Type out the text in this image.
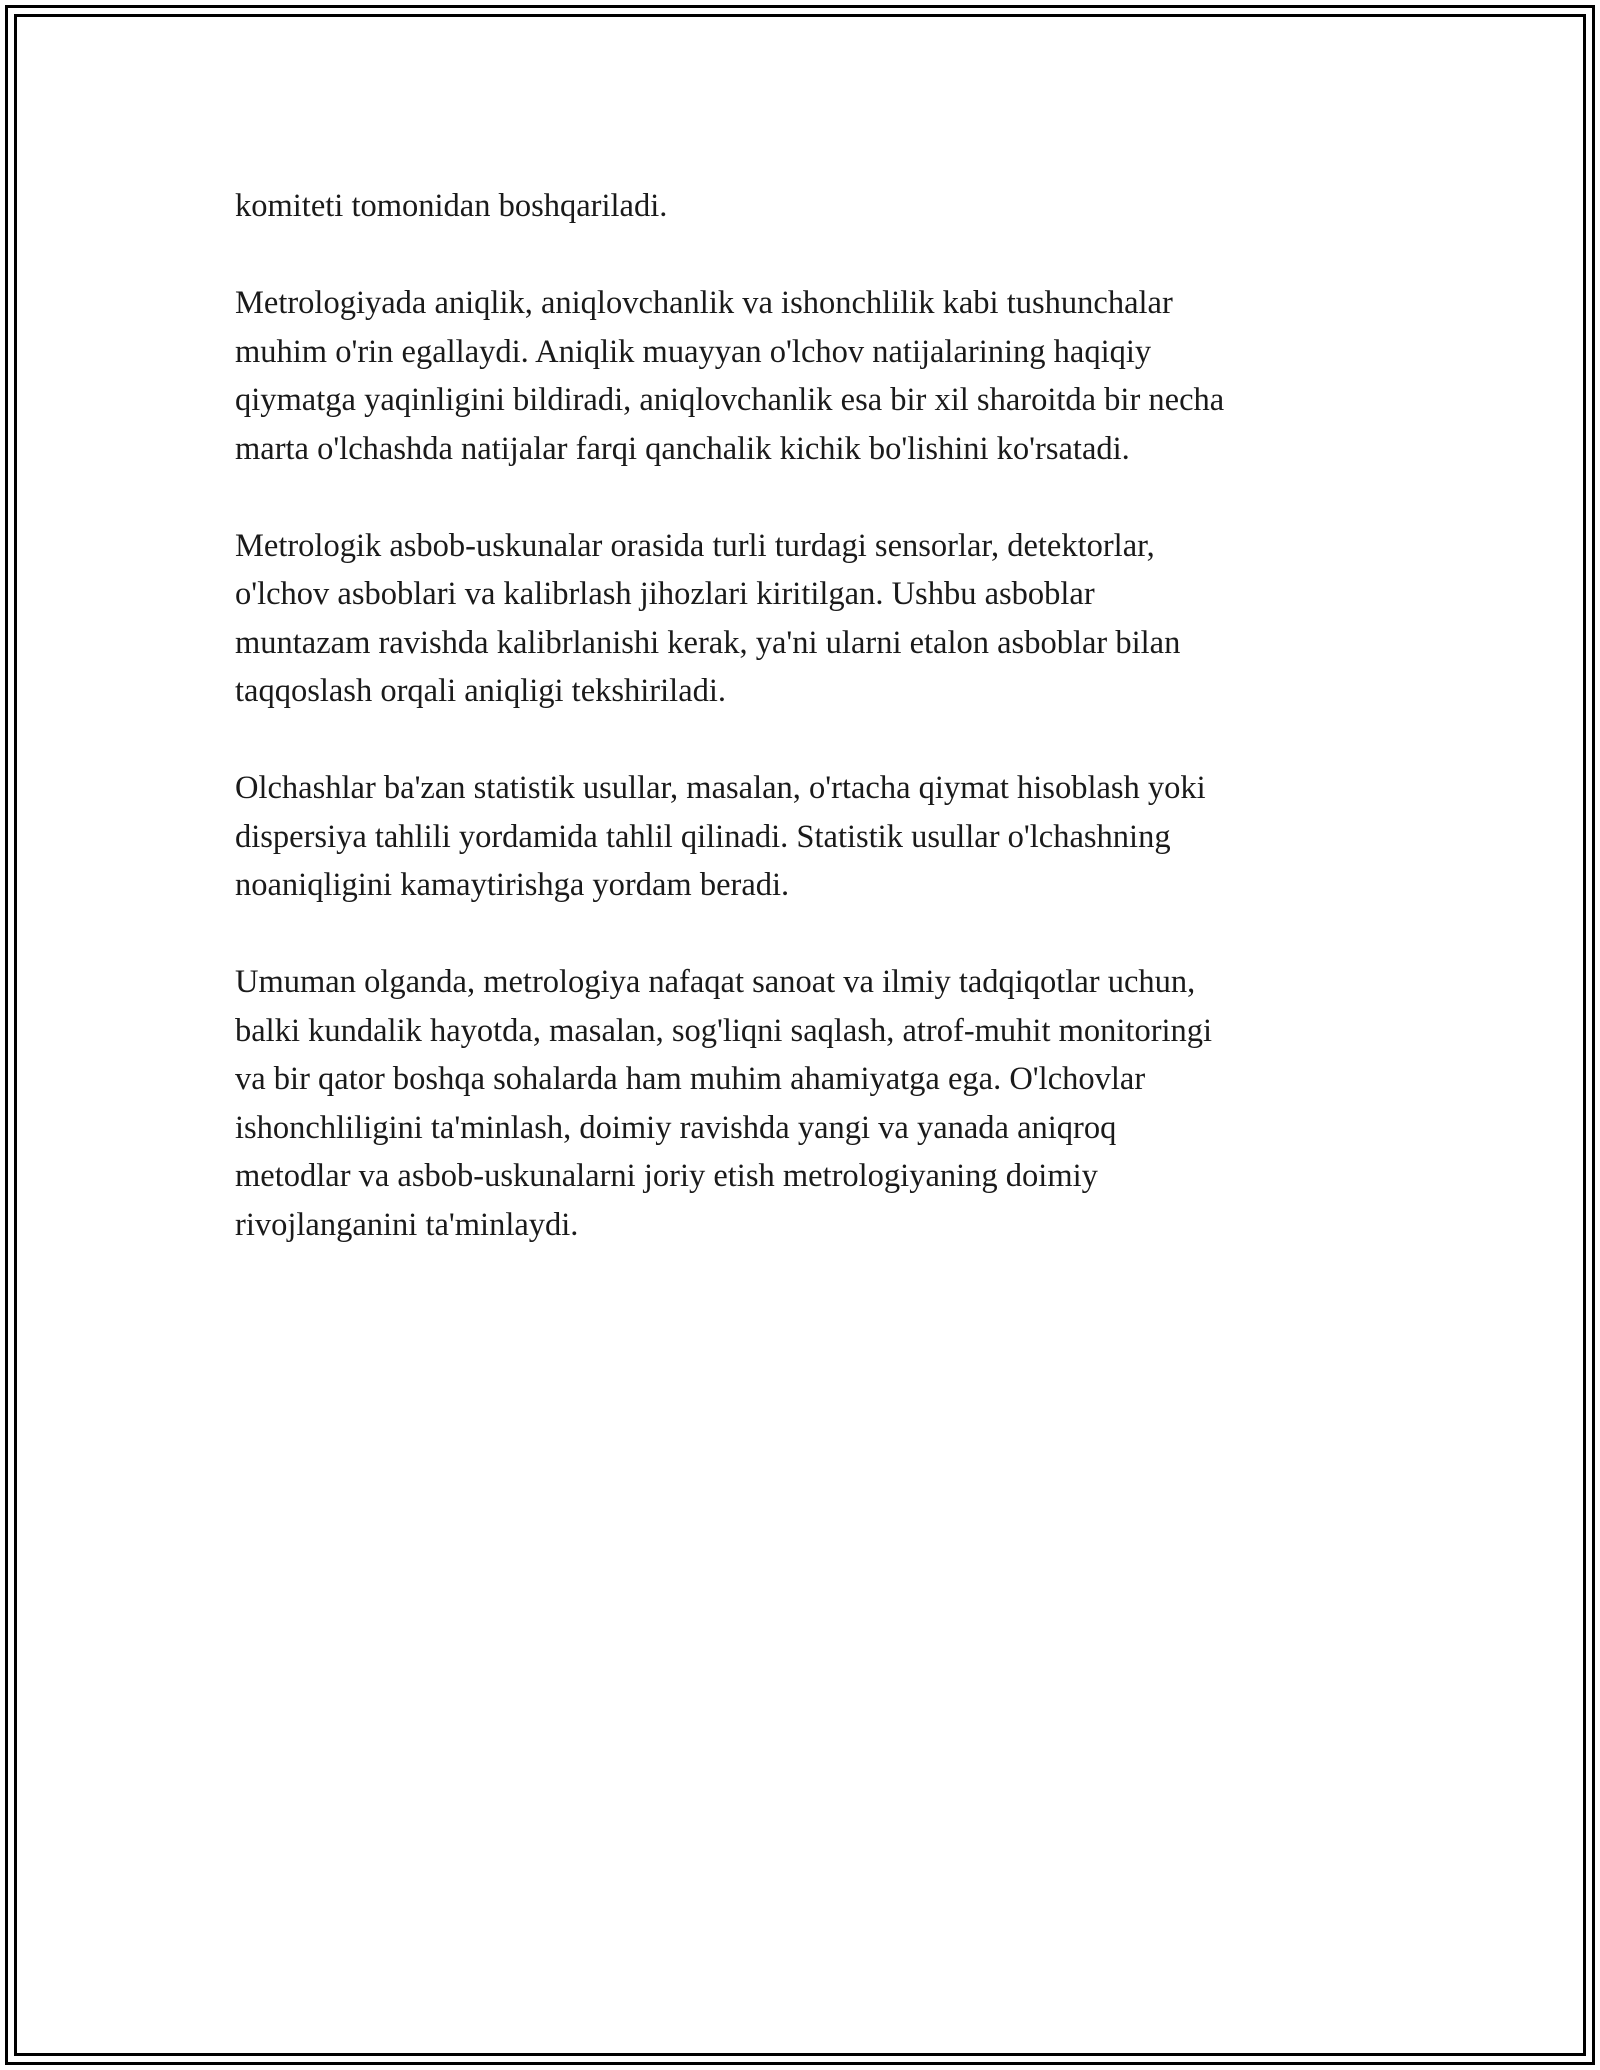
komiteti tomonidan boshqariladi.

Metrologiyada aniqlik, aniqlovchanlik va ishonchlilik kabi tushunchalar
muhim o'rin egallaydi. Aniqlik muayyan o'lchov natijalarining haqiqiy
qiymatga yaqinligini bildiradi, aniqlovchanlik esa bir xil sharoitda bir necha
marta o'lchashda natijalar farqi qanchalik kichik bo'lishini ko'rsatadi.

Metrologik asbob-uskunalar orasida turli turdagi sensorlar, detektorlar,
o'lchov asboblari va kalibrlash jihozlari kiritilgan. Ushbu asboblar
muntazam ravishda kalibrlanishi kerak, ya'ni ularni etalon asboblar bilan
taqqoslash orqali aniqligi tekshiriladi.

Olchashlar ba'zan statistik usullar, masalan, o'rtacha qiymat hisoblash yoki
dispersiya tahlili yordamida tahlil qilinadi. Statistik usullar o'lchashning
noaniqligini kamaytirishga yordam beradi.

Umuman olganda, metrologiya nafaqat sanoat va ilmiy tadqiqotlar uchun,
balki kundalik hayotda, masalan, sog'liqni saqlash, atrof-muhit monitoringi
va bir qator boshqa sohalarda ham muhim ahamiyatga ega. O'lchovlar
ishonchliligini ta'minlash, doimiy ravishda yangi va yanada aniqroq
metodlar va asbob-uskunalarni joriy etish metrologiyaning doimiy
rivojlanganini ta'minlaydi.
